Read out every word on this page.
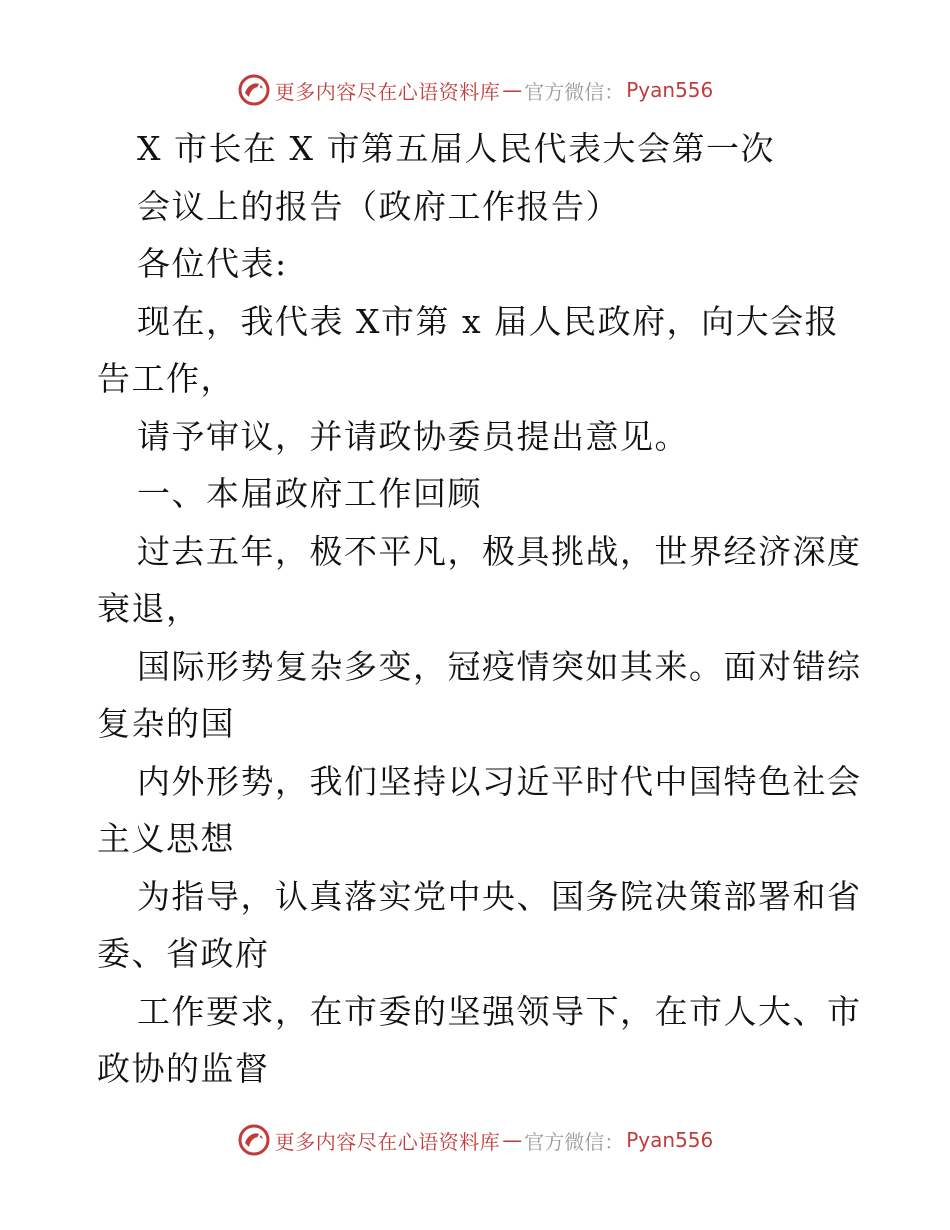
更多内容尽在心语资料库 — 官方微信： Pyan556
X 市长在 X 市第五届人民代表大会第一次
会议上的报告（政府工作报告）
各位代表:
现在，我代表 X市第 x 届人民政府，向大会报
告工作，
请予审议，并请政协委员提出意见。
一、本届政府工作回顾
过去五年，极不平凡，极具挑战，世界经济深度
衰退，
国际形势复杂多变，冠疫情突如其来。面对错综
复杂的国
内外形势，我们坚持以习近平时代中国特色社会
主义思想
为指导，认真落实党中央、国务院决策部署和省
委、省政府
工作要求，在市委的坚强领导下，在市人大、市
政协的监督
更多内容尽在心语资料库 — 官方微信： Pyan556
